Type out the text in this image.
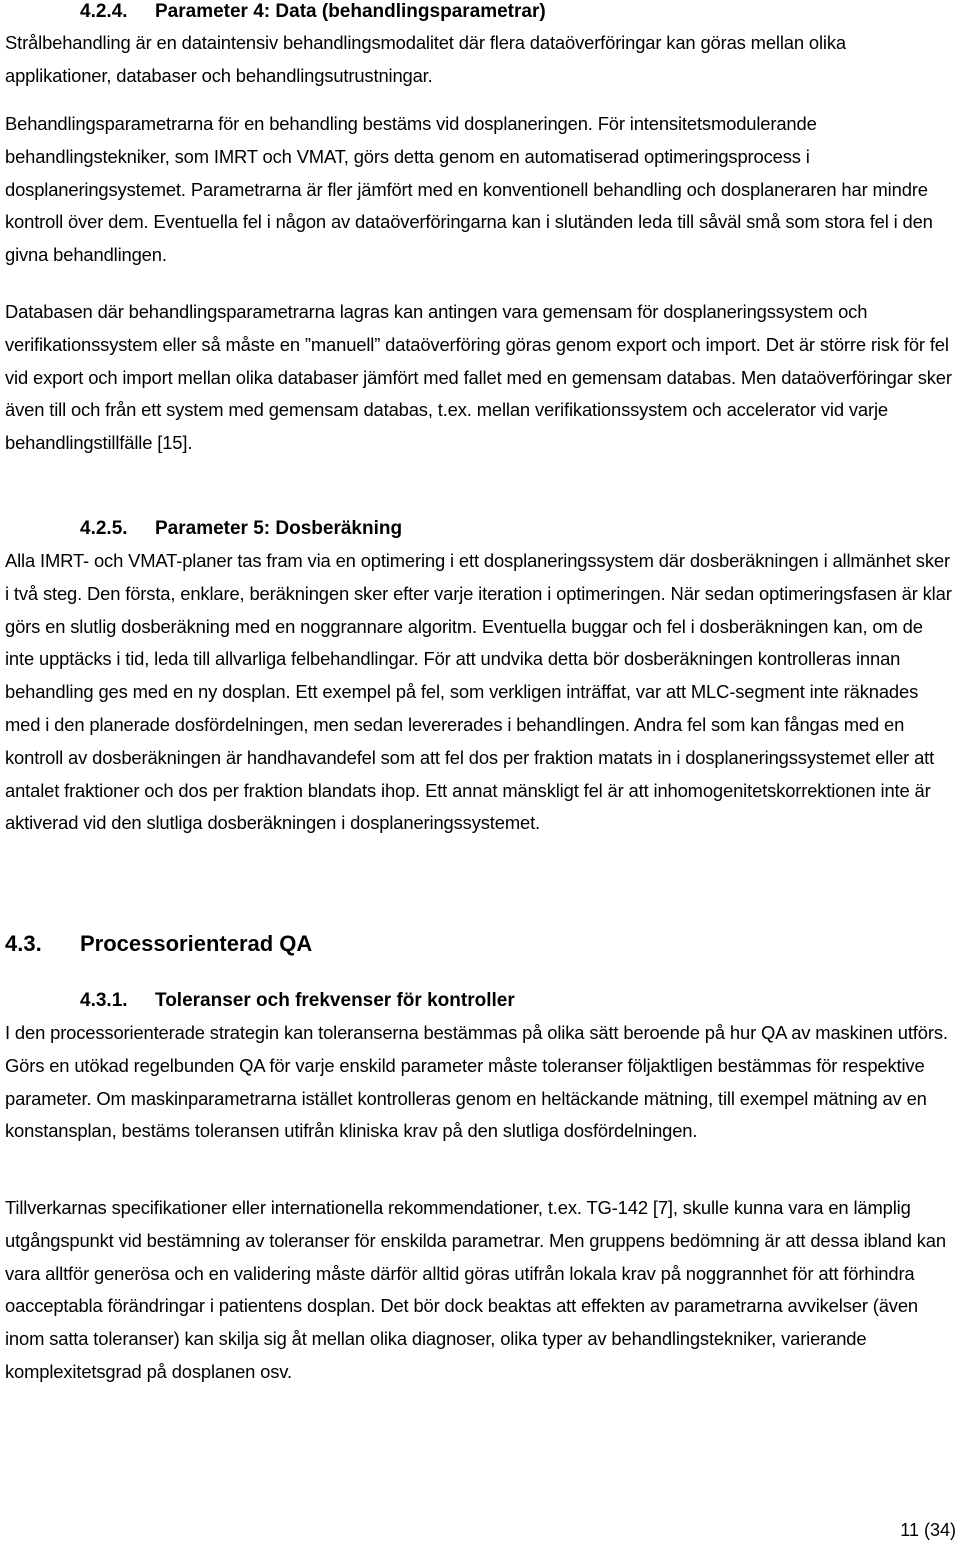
4.2.4.	Parameter 4: Data (behandlingsparametrar)

Strålbehandling är en dataintensiv behandlingsmodalitet där flera dataöverföringar kan göras mellan olika applikationer, databaser och behandlingsutrustningar.

Behandlingsparametrarna för en behandling bestäms vid dosplaneringen. För intensitetsmodulerande behandlingstekniker, som IMRT och VMAT, görs detta genom en automatiserad optimeringsprocess i dosplaneringsystemet. Parametrarna är fler jämfört med en konventionell behandling och dosplaneraren har mindre kontroll över dem. Eventuella fel i någon av dataöverföringarna kan i slutänden leda till såväl små som stora fel i den givna behandlingen.

Databasen där behandlingsparametrarna lagras kan antingen vara gemensam för dosplaneringssystem och verifikationssystem eller så måste en ”manuell” dataöverföring göras genom export och import. Det är större risk för fel vid export och import mellan olika databaser jämfört med fallet med en gemensam databas. Men dataöverföringar sker även till och från ett system med gemensam databas, t.ex. mellan verifikationssystem och accelerator vid varje behandlingstillfälle [15].

4.2.5.	Parameter 5: Dosberäkning

Alla IMRT- och VMAT-planer tas fram via en optimering i ett dosplaneringssystem där dosberäkningen i allmänhet sker i två steg. Den första, enklare, beräkningen sker efter varje iteration i optimeringen. När sedan optimeringsfasen är klar görs en slutlig dosberäkning med en noggrannare algoritm. Eventuella buggar och fel i dosberäkningen kan, om de inte upptäcks i tid, leda till allvarliga felbehandlingar. För att undvika detta bör dosberäkningen kontrolleras innan behandling ges med en ny dosplan. Ett exempel på fel, som verkligen inträffat, var att MLC-segment inte räknades med i den planerade dosfördelningen, men sedan levererades i behandlingen. Andra fel som kan fångas med en kontroll av dosberäkningen är handhavandefel som att fel dos per fraktion matats in i dosplaneringssystemet eller att antalet fraktioner och dos per fraktion blandats ihop. Ett annat mänskligt fel är att inhomogenitetskorrektionen inte är aktiverad vid den slutliga dosberäkningen i dosplaneringssystemet.

4.3.	Processorienterad QA
4.3.1.	Toleranser och frekvenser för kontroller

I den processorienterade strategin kan toleranserna bestämmas på olika sätt beroende på hur QA av maskinen utförs. Görs en utökad regelbunden QA för varje enskild parameter måste toleranser följaktligen bestämmas för respektive parameter. Om maskinparametrarna istället kontrolleras genom en heltäckande mätning, till exempel mätning av en konstansplan, bestäms toleransen utifrån kliniska krav på den slutliga dosfördelningen.

Tillverkarnas specifikationer eller internationella rekommendationer, t.ex. TG-142 [7], skulle kunna vara en lämplig utgångspunkt vid bestämning av toleranser för enskilda parametrar. Men gruppens bedömning är att dessa ibland kan vara alltför generösa och en validering måste därför alltid göras utifrån lokala krav på noggrannhet för att förhindra oacceptabla förändringar i patientens dosplan. Det bör dock beaktas att effekten av parametrarna avvikelser (även inom satta toleranser) kan skilja sig åt mellan olika diagnoser, olika typer av behandlingstekniker, varierande komplexitetsgrad på dosplanen osv.

11 (34)
